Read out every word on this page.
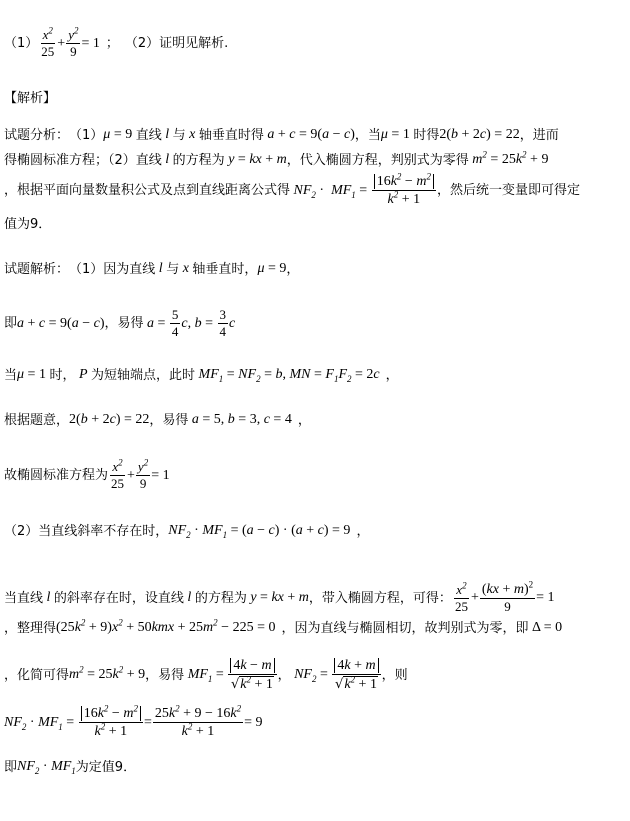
$(1) \frac{x^2}{25} + \frac{y^2}{9} = 1$ ； （2）证明见解析.
【解析】
试题分析： （1） μ = 9 直线 l 与 x 轴垂直时得 a + c = 9( a − c ) ，当 μ = 1 时得 2( b + 2 c ) = 22 ，进而
得椭圆标准方程；（2）直线 l 的方程为 y = kx + m ，代入椭圆方程，判别式为零得 $m^2 = 25$ $k^2 + 9$
，根据平面向量数量积公式及点到直线距离公式得 $NF_2 \cdot MF_1 = \frac{16k^2 - m^2}{k^2 + 1}$ ，然后统一变量即可得定
值为9．
试题解析： （1）因为直线 l 与 x 轴垂直时， μ = 9 ，
即 a + c = 9( a − c ) ，易得 $a = \frac{5}{4}$ c , $b = \frac{3}{4}$ c
当 μ = 1 时， P 为短轴端点，此时 $MF_1 = NF_2 = b$ , MN = $F_1F_2 = 2$ c ，
根据题意， 2( b + 2 c ) = 22 ，易得 a = 5, b = 3, c = 4 ，
故椭圆标准方程为 $\frac{x^2}{25} + \frac{y^2}{9} = 1$
（2）当直线斜率不存在时， $NF_2 \cdot MF_1$ = ( a − c ) · ( a + c ) = 9 ，
当直线 l 的斜率存在时，设直线 l 的方程为 y = kx + m ，带入椭圆方程，可得： $\frac{x^2}{25} + \frac{(kx + m)^2}{9} = 1$
，整理得 (25 $k^2 + 9$) $x^2 + 50$ kmx + 25 $m^2 - 225 = 0$ ，因为直线与椭圆相切，故判别式为零，即 Δ = 0
，化简可得 $m^2 = 25$ $k^2 + 9$ ，易得 $MF_1 = \frac{4k - m}{√ k^2 + 1}$ ， $NF_2 = \frac{4k + m}{√ k^2 + 1}$ ，则
$NF_2 \cdot MF_1 = \frac{16k^2 - m^2}{k^2 + 1} = \frac{25k^2 + 9 - 16k^2}{k^2 + 1} = 9$
即 $NF_2 \cdot MF_1$ 为定值9．
